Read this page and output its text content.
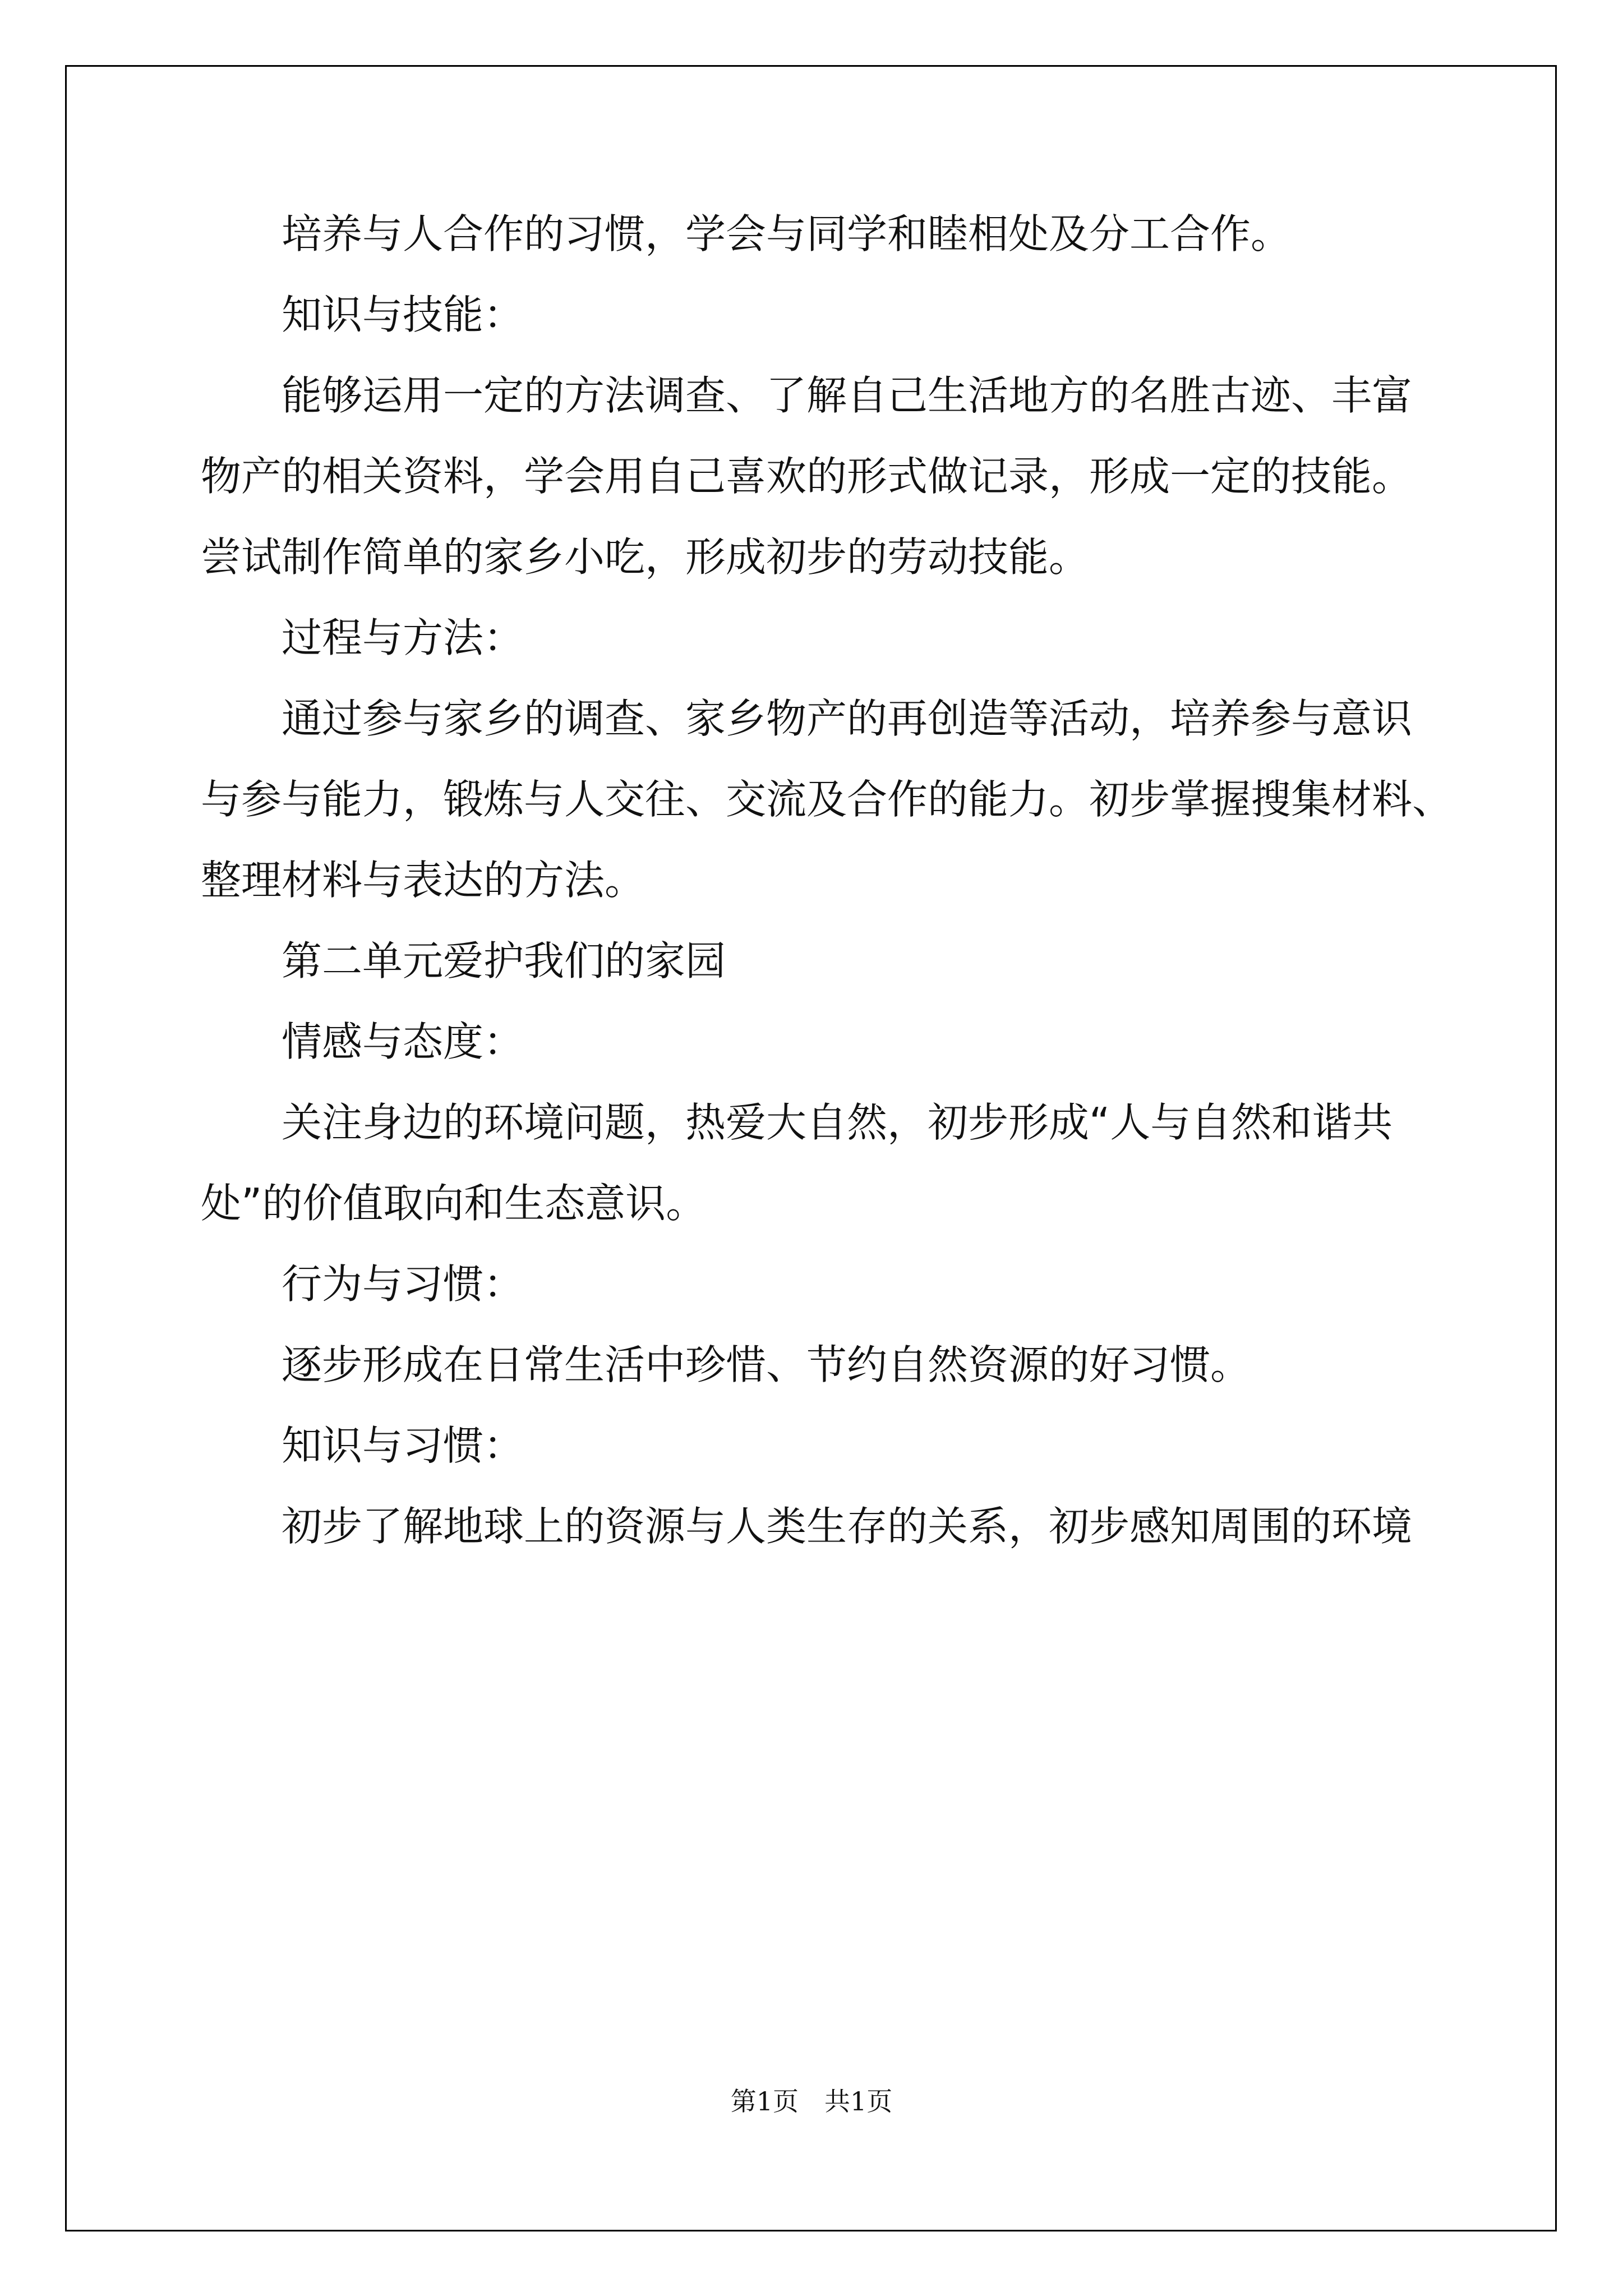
培养与人合作的习惯，学会与同学和睦相处及分工合作。
知识与技能：
能够运用一定的方法调查、了解自己生活地方的名胜古迹、丰富
物产的相关资料，学会用自己喜欢的形式做记录，形成一定的技能。
尝试制作简单的家乡小吃，形成初步的劳动技能。
过程与方法：
通过参与家乡的调查、家乡物产的再创造等活动，培养参与意识
与参与能力，锻炼与人交往、交流及合作的能力。初步掌握搜集材料、
整理材料与表达的方法。
第二单元爱护我们的家园
情感与态度：
关注身边的环境问题，热爱大自然，初步形成“人与自然和谐共
处”的价值取向和生态意识。
行为与习惯：
逐步形成在日常生活中珍惜、节约自然资源的好习惯。
知识与习惯：
初步了解地球上的资源与人类生存的关系，初步感知周围的环境
第1页　共1页
